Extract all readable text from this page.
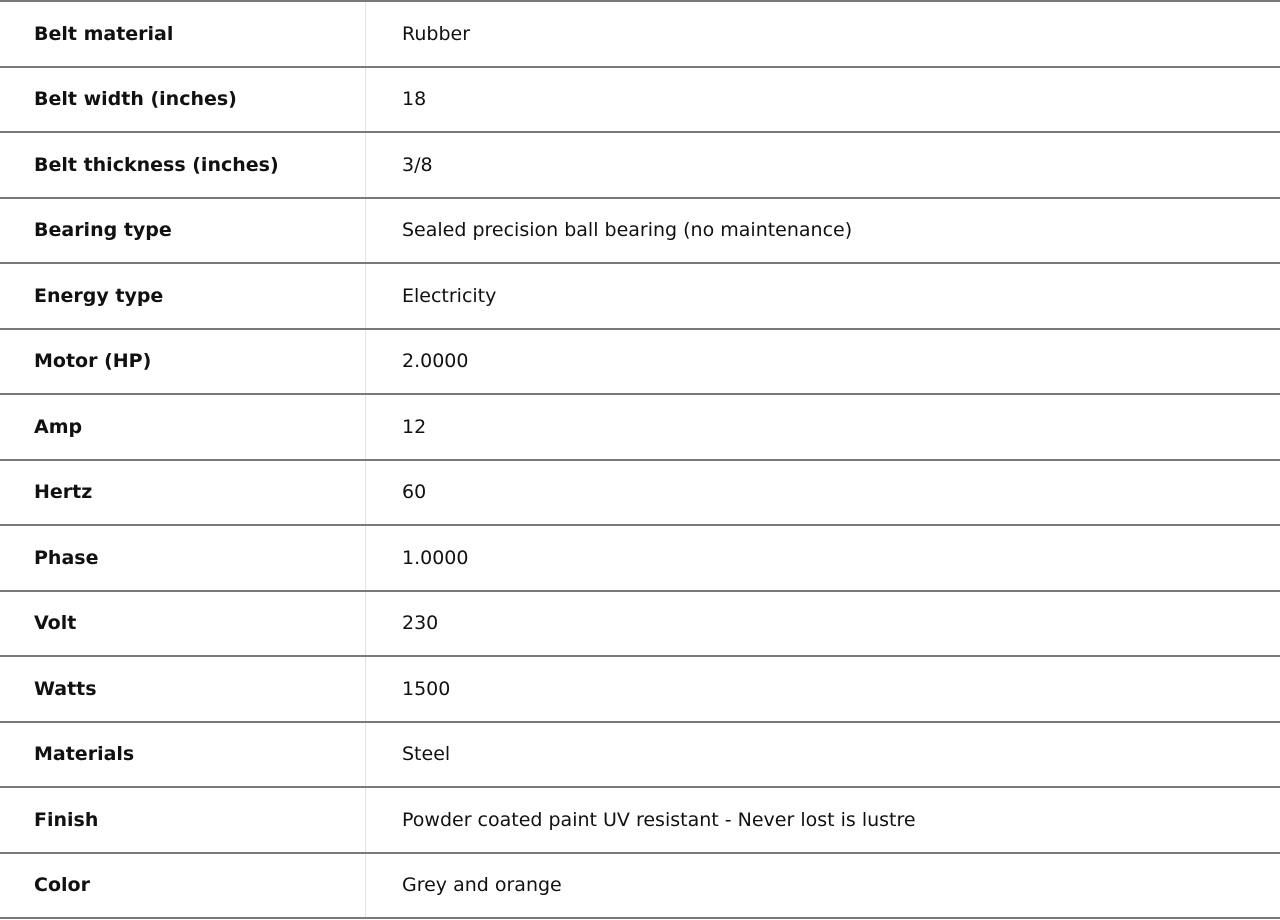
Belt material	Rubber
Belt width (inches)	18
Belt thickness (inches)	3/8
Bearing type	Sealed precision ball bearing (no maintenance)
Energy type	Electricity
Motor (HP)	2.0000
Amp	12
Hertz	60
Phase	1.0000
Volt	230
Watts	1500
Materials	Steel
Finish	Powder coated paint UV resistant - Never lost is lustre
Color	Grey and orange
